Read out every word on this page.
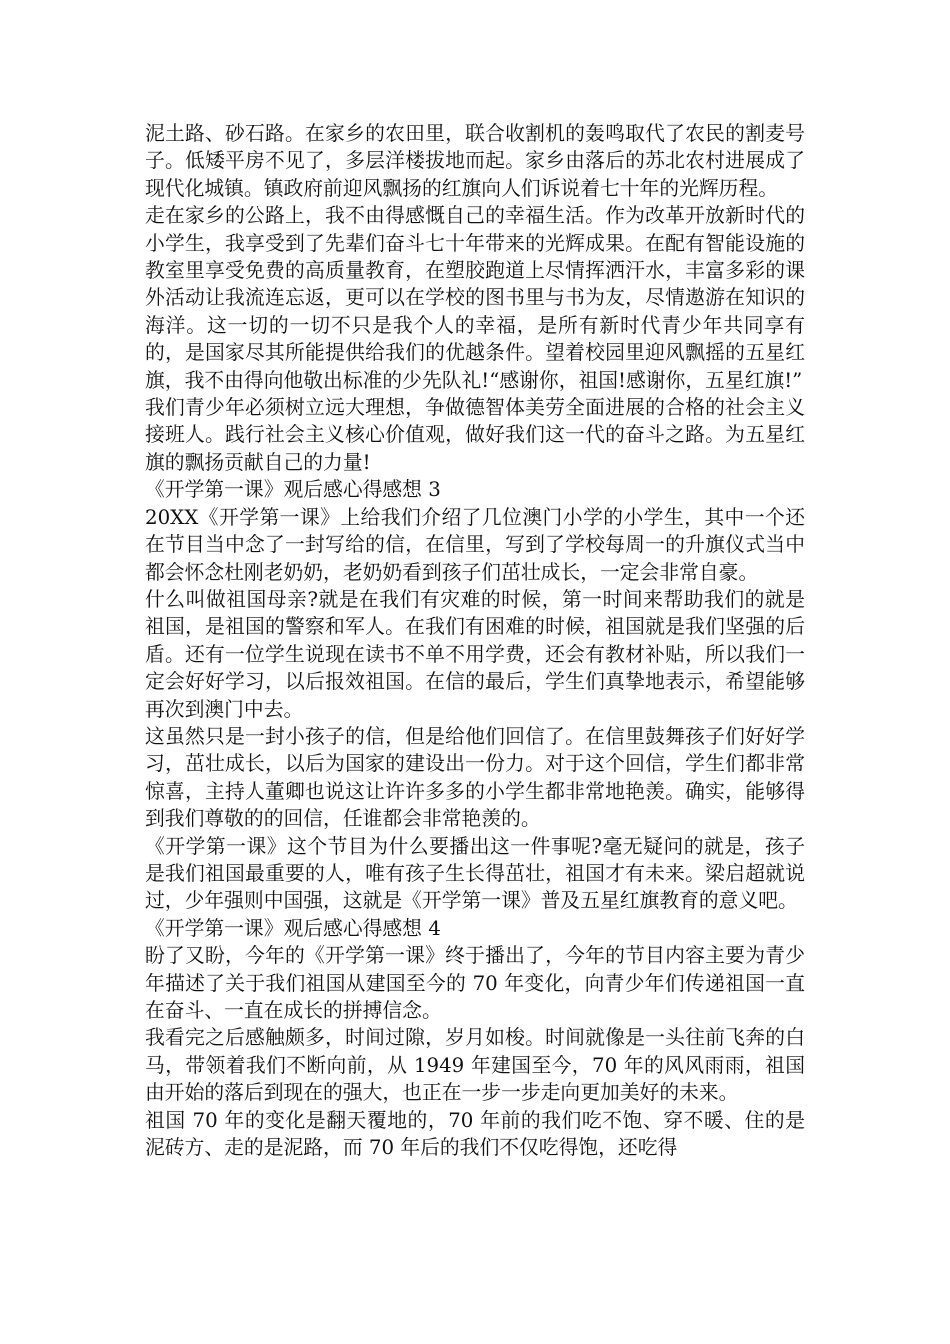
泥土路、砂石路。在家乡的农田里，联合收割机的轰鸣取代了农民的割麦号子。低矮平房不见了，多层洋楼拔地而起。家乡由落后的苏北农村进展成了现代化城镇。镇政府前迎风飘扬的红旗向人们诉说着七十年的光辉历程。

走在家乡的公路上，我不由得感慨自己的幸福生活。作为改革开放新时代的小学生，我享受到了先辈们奋斗七十年带来的光辉成果。在配有智能设施的教室里享受免费的高质量教育，在塑胶跑道上尽情挥洒汗水，丰富多彩的课外活动让我流连忘返，更可以在学校的图书里与书为友，尽情遨游在知识的海洋。这一切的一切不只是我个人的幸福，是所有新时代青少年共同享有的，是国家尽其所能提供给我们的优越条件。望着校园里迎风飘摇的五星红旗，我不由得向他敬出标准的少先队礼!“感谢你，祖国!感谢你，五星红旗!”

我们青少年必须树立远大理想，争做德智体美劳全面进展的合格的社会主义接班人。践行社会主义核心价值观，做好我们这一代的奋斗之路。为五星红旗的飘扬贡献自己的力量!

《开学第一课》观后感心得感想 3

20XX《开学第一课》上给我们介绍了几位澳门小学的小学生，其中一个还在节目当中念了一封写给的信，在信里，写到了学校每周一的升旗仪式当中都会怀念杜刚老奶奶，老奶奶看到孩子们茁壮成长，一定会非常自豪。

什么叫做祖国母亲?就是在我们有灾难的时候，第一时间来帮助我们的就是祖国，是祖国的警察和军人。在我们有困难的时候，祖国就是我们坚强的后盾。还有一位学生说现在读书不单不用学费，还会有教材补贴，所以我们一定会好好学习，以后报效祖国。在信的最后，学生们真挚地表示，希望能够再次到澳门中去。

这虽然只是一封小孩子的信，但是给他们回信了。在信里鼓舞孩子们好好学习，茁壮成长，以后为国家的建设出一份力。对于这个回信，学生们都非常惊喜，主持人董卿也说这让许许多多的小学生都非常地艳羡。确实，能够得到我们尊敬的的回信，任谁都会非常艳羡的。

《开学第一课》这个节目为什么要播出这一件事呢?毫无疑问的就是，孩子是我们祖国最重要的人，唯有孩子生长得茁壮，祖国才有未来。梁启超就说过，少年强则中国强，这就是《开学第一课》普及五星红旗教育的意义吧。

《开学第一课》观后感心得感想 4

盼了又盼，今年的《开学第一课》终于播出了，今年的节目内容主要为青少年描述了关于我们祖国从建国至今的 70 年变化，向青少年们传递祖国一直在奋斗、一直在成长的拼搏信念。

我看完之后感触颇多，时间过隙，岁月如梭。时间就像是一头往前飞奔的白马，带领着我们不断向前，从 1949 年建国至今，70 年的风风雨雨，祖国由开始的落后到现在的强大，也正在一步一步走向更加美好的未来。

祖国 70 年的变化是翻天覆地的，70 年前的我们吃不饱、穿不暖、住的是泥砖方、走的是泥路，而 70 年后的我们不仅吃得饱，还吃得
